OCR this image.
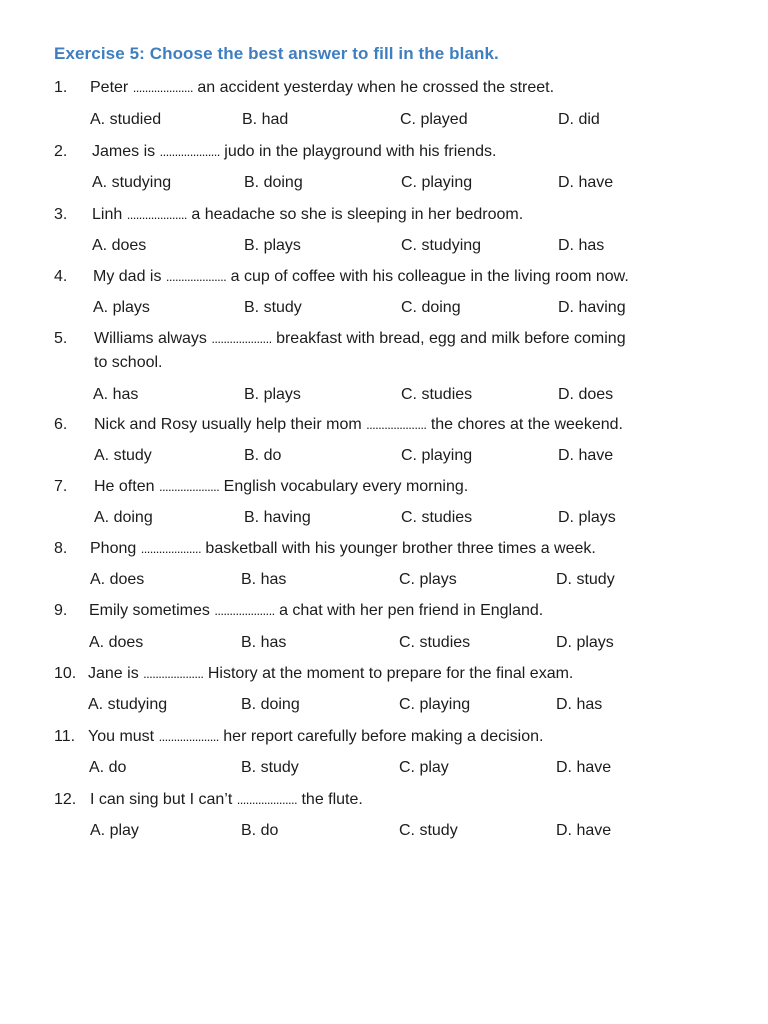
Exercise 5: Choose the best answer to fill in the blank.
1. Peter .................... an accident yesterday when he crossed the street.
A. studied	B. had	C. played	D. did
2. James is .................... judo in the playground with his friends.
A. studying	B. doing	C. playing	D. have
3. Linh .................... a headache so she is sleeping in her bedroom.
A. does	B. plays	C. studying	D. has
4. My dad is .................... a cup of coffee with his colleague in the living room now.
A. plays	B. study	C. doing	D. having
5. Williams always .................... breakfast with bread, egg and milk before coming
to school.
A. has	B. plays	C. studies	D. does
6. Nick and Rosy usually help their mom .................... the chores at the weekend.
A. study	B. do	C. playing	D. have
7. He often .................... English vocabulary every morning.
A. doing	B. having	C. studies	D. plays
8. Phong .................... basketball with his younger brother three times a week.
A. does	B. has	C. plays	D. study
9. Emily sometimes .................... a chat with her pen friend in England.
A. does	B. has	C. studies	D. plays
10. Jane is .................... History at the moment to prepare for the final exam.
A. studying	B. doing	C. playing	D. has
11. You must .................... her report carefully before making a decision.
A. do	B. study	C. play	D. have
12. I can sing but I can’t .................... the flute.
A. play	B. do	C. study	D. have
